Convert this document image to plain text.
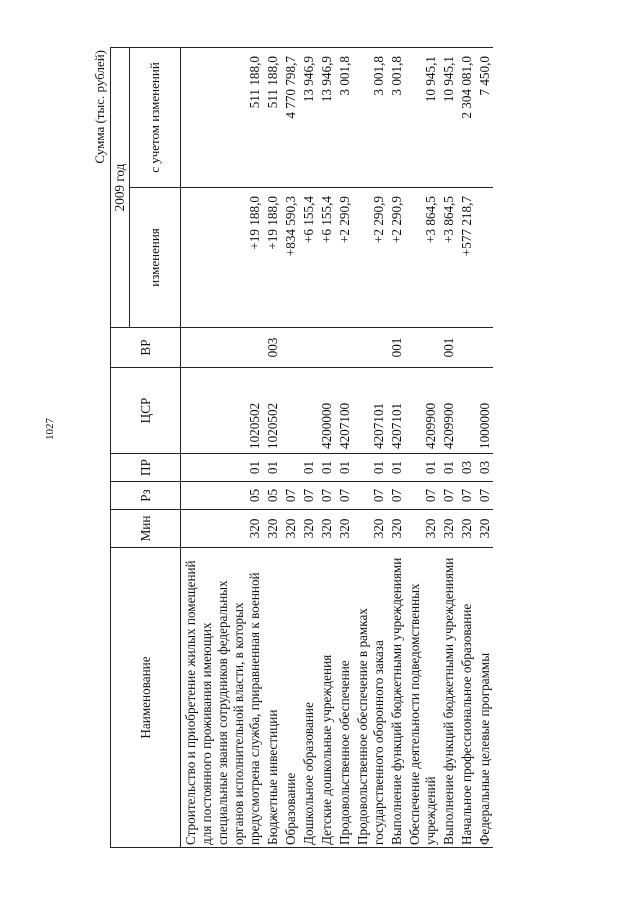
1027
Сумма (тыс. рублей)
Наименование	Мин	Рз	ПР	ЦСР	ВР	2009 год	
						изменения	с учетом изменений
Строительство и приобретение жилых помещений для постоянного проживания имеющих специальные звания сотрудников федеральных органов исполнительной власти, в которых предусмотрена служба, приравненная к военной	320	05	01	1020502		+19 188,0	511 188,0
Бюджетные инвестиции	320	05	01	1020502	003	+19 188,0	511 188,0
Образование	320	07				+834 590,3	4 770 798,7
Дошкольное образование	320	07	01			+6 155,4	13 946,9
Детские дошкольные учреждения	320	07	01	4200000		+6 155,4	13 946,9
Продовольственное обеспечение	320	07	01	4207100		+2 290,9	3 001,8
Продовольственное обеспечение в рамках государственного оборонного заказа	320	07	01	4207101		+2 290,9	3 001,8
Выполнение функций бюджетными учреждениями	320	07	01	4207101	001	+2 290,9	3 001,8
Обеспечение деятельности подведомственных учреждений	320	07	01	4209900		+3 864,5	10 945,1
Выполнение функций бюджетными учреждениями	320	07	01	4209900	001	+3 864,5	10 945,1
Начальное профессиональное образование	320	07	03			+577 218,7	2 304 081,0
Федеральные целевые программы	320	07	03	1000000			7 450,0
